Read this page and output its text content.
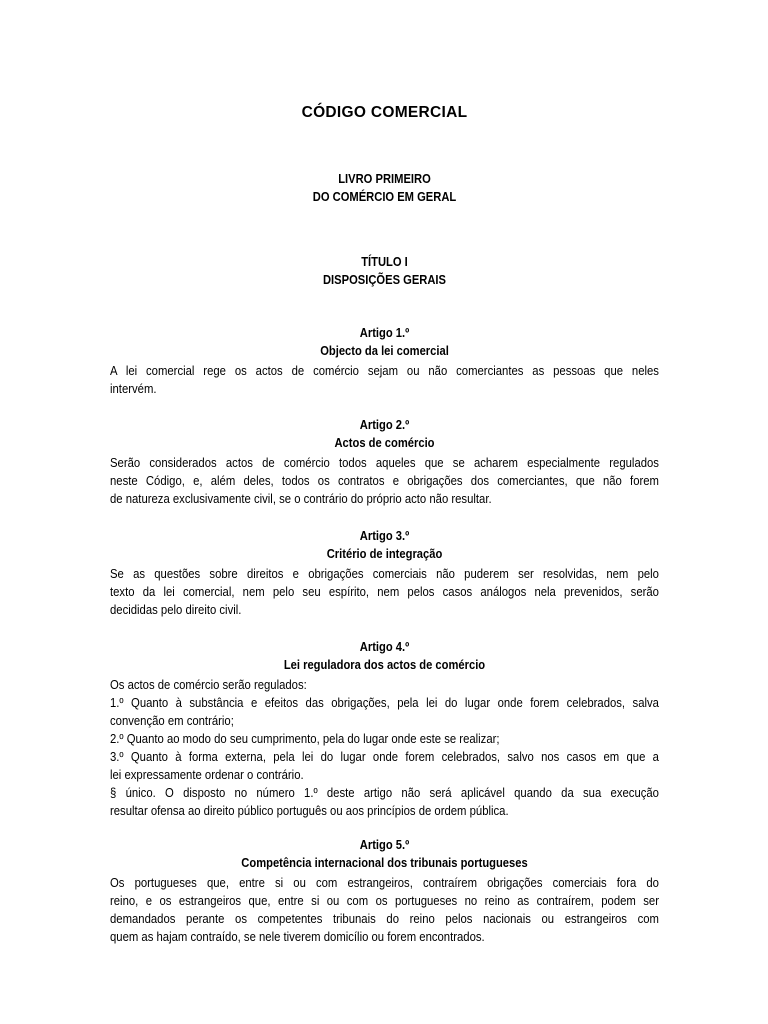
CÓDIGO COMERCIAL
LIVRO PRIMEIRO
DO COMÉRCIO EM GERAL
TÍTULO I
DISPOSIÇÕES GERAIS
Artigo 1.º
Objecto da lei comercial
A lei comercial rege os actos de comércio sejam ou não comerciantes as pessoas que neles
intervém.
Artigo 2.º
Actos de comércio
Serão considerados actos de comércio todos aqueles que se acharem especialmente regulados
neste Código, e, além deles, todos os contratos e obrigações dos comerciantes, que não forem
de natureza exclusivamente civil, se o contrário do próprio acto não resultar.
Artigo 3.º
Critério de integração
Se as questões sobre direitos e obrigações comerciais não puderem ser resolvidas, nem pelo
texto da lei comercial, nem pelo seu espírito, nem pelos casos análogos nela prevenidos, serão
decididas pelo direito civil.
Artigo 4.º
Lei reguladora dos actos de comércio
Os actos de comércio serão regulados:
1.º Quanto à substância e efeitos das obrigações, pela lei do lugar onde forem celebrados, salva
convenção em contrário;
2.º Quanto ao modo do seu cumprimento, pela do lugar onde este se realizar;
3.º Quanto à forma externa, pela lei do lugar onde forem celebrados, salvo nos casos em que a
lei expressamente ordenar o contrário.
§ único. O disposto no número 1.º deste artigo não será aplicável quando da sua execução
resultar ofensa ao direito público português ou aos princípios de ordem pública.
Artigo 5.º
Competência internacional dos tribunais portugueses
Os portugueses que, entre si ou com estrangeiros, contraírem obrigações comerciais fora do
reino, e os estrangeiros que, entre si ou com os portugueses no reino as contraírem, podem ser
demandados perante os competentes tribunais do reino pelos nacionais ou estrangeiros com
quem as hajam contraído, se nele tiverem domicílio ou forem encontrados.
